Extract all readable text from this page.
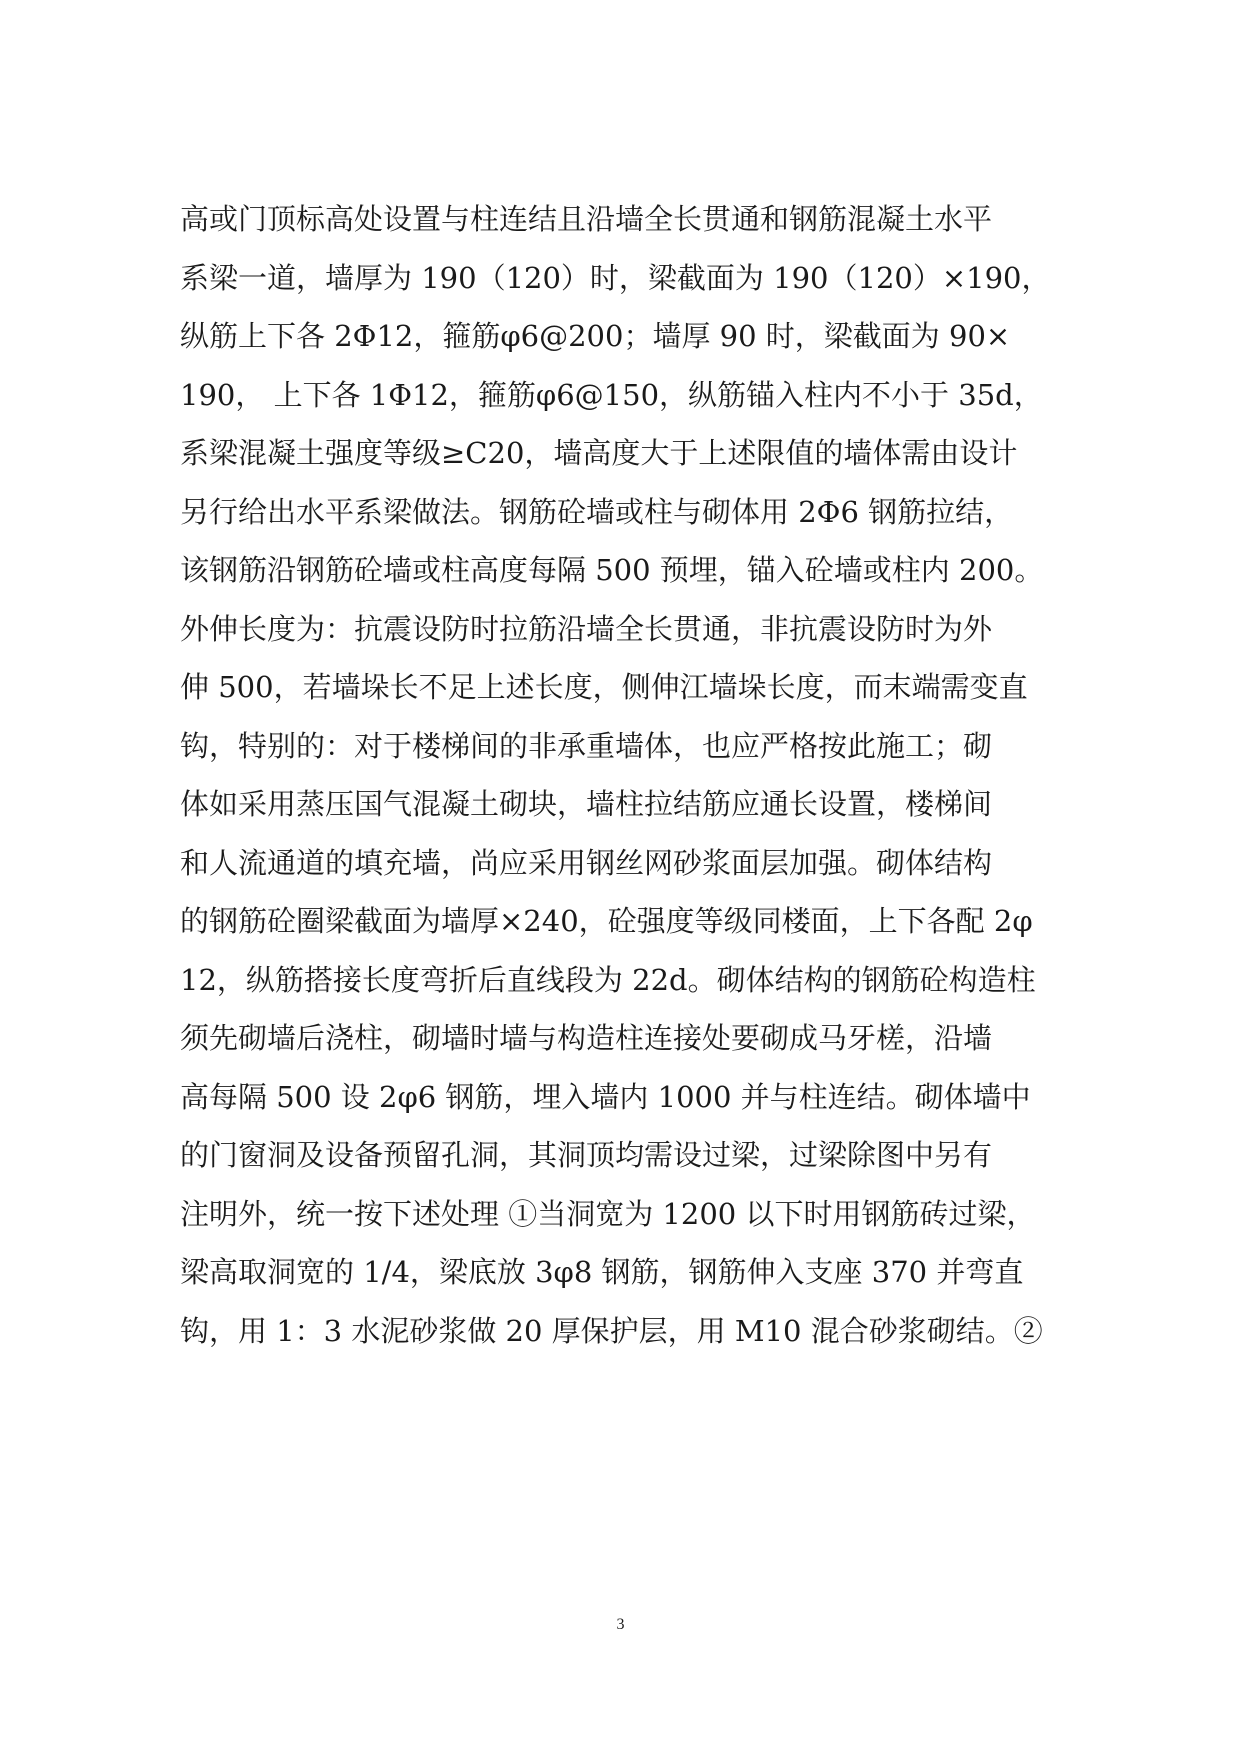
高或门顶标高处设置与柱连结且沿墙全长贯通和钢筋混凝土水平
系梁一道，墙厚为 190（120）时，梁截面为 190（120）×190，
纵筋上下各 2Φ12，箍筋φ6@200；墙厚 90 时，梁截面为 90×
190， 上下各 1Φ12，箍筋φ6@150，纵筋锚入柱内不小于 35d，
系梁混凝土强度等级≥C20，墙高度大于上述限值的墙体需由设计
另行给出水平系梁做法。钢筋砼墙或柱与砌体用 2Φ6 钢筋拉结，
该钢筋沿钢筋砼墙或柱高度每隔 500 预埋，锚入砼墙或柱内 200。
外伸长度为：抗震设防时拉筋沿墙全长贯通，非抗震设防时为外
伸 500，若墙垛长不足上述长度，侧伸江墙垛长度，而末端需变直
钩，特别的：对于楼梯间的非承重墙体，也应严格按此施工；砌
体如采用蒸压国气混凝土砌块，墙柱拉结筋应通长设置，楼梯间
和人流通道的填充墙，尚应采用钢丝网砂浆面层加强。砌体结构
的钢筋砼圈梁截面为墙厚×240，砼强度等级同楼面，上下各配 2φ
12，纵筋搭接长度弯折后直线段为 22d。砌体结构的钢筋砼构造柱
须先砌墙后浇柱，砌墙时墙与构造柱连接处要砌成马牙槎，沿墙
高每隔 500 设 2φ6 钢筋，埋入墙内 1000 并与柱连结。砌体墙中
的门窗洞及设备预留孔洞，其洞顶均需设过梁，过梁除图中另有
注明外，统一按下述处理 ①当洞宽为 1200 以下时用钢筋砖过梁，
梁高取洞宽的 1/4，梁底放 3φ8 钢筋，钢筋伸入支座 370 并弯直
钩，用 1：3 水泥砂浆做 20 厚保护层，用 M10 混合砂浆砌结。②
3
